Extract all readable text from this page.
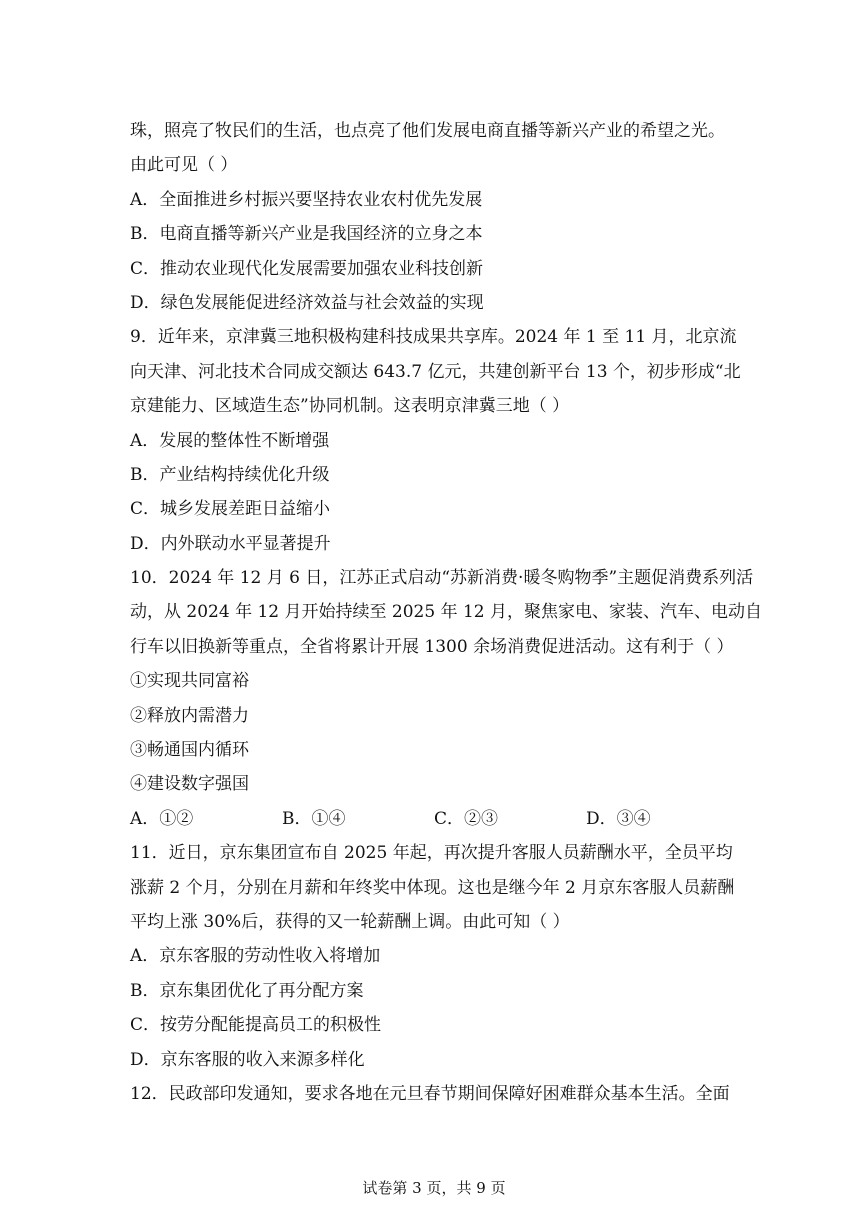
珠，照亮了牧民们的生活，也点亮了他们发展电商直播等新兴产业的希望之光。
由此可见（ ）
A．全面推进乡村振兴要坚持农业农村优先发展
B．电商直播等新兴产业是我国经济的立身之本
C．推动农业现代化发展需要加强农业科技创新
D．绿色发展能促进经济效益与社会效益的实现
9．近年来，京津冀三地积极构建科技成果共享库。2024 年 1 至 11 月，北京流
向天津、河北技术合同成交额达 643.7 亿元，共建创新平台 13 个，初步形成“北
京建能力、区域造生态”协同机制。这表明京津冀三地（ ）
A．发展的整体性不断增强
B．产业结构持续优化升级
C．城乡发展差距日益缩小
D．内外联动水平显著提升
10．2024 年 12 月 6 日，江苏正式启动“苏新消费·暖冬购物季”主题促消费系列活
动，从 2024 年 12 月开始持续至 2025 年 12 月，聚焦家电、家装、汽车、电动自
行车以旧换新等重点，全省将累计开展 1300 余场消费促进活动。这有利于（ ）
①实现共同富裕
②释放内需潜力
③畅通国内循环
④建设数字强国
A．①②	B．①④	C．②③	D．③④
11．近日，京东集团宣布自 2025 年起，再次提升客服人员薪酬水平，全员平均
涨薪 2 个月，分别在月薪和年终奖中体现。这也是继今年 2 月京东客服人员薪酬
平均上涨 30%后，获得的又一轮薪酬上调。由此可知（ ）
A．京东客服的劳动性收入将增加
B．京东集团优化了再分配方案
C．按劳分配能提高员工的积极性
D．京东客服的收入来源多样化
12．民政部印发通知，要求各地在元旦春节期间保障好困难群众基本生活。全面
试卷第 3 页，共 9 页
